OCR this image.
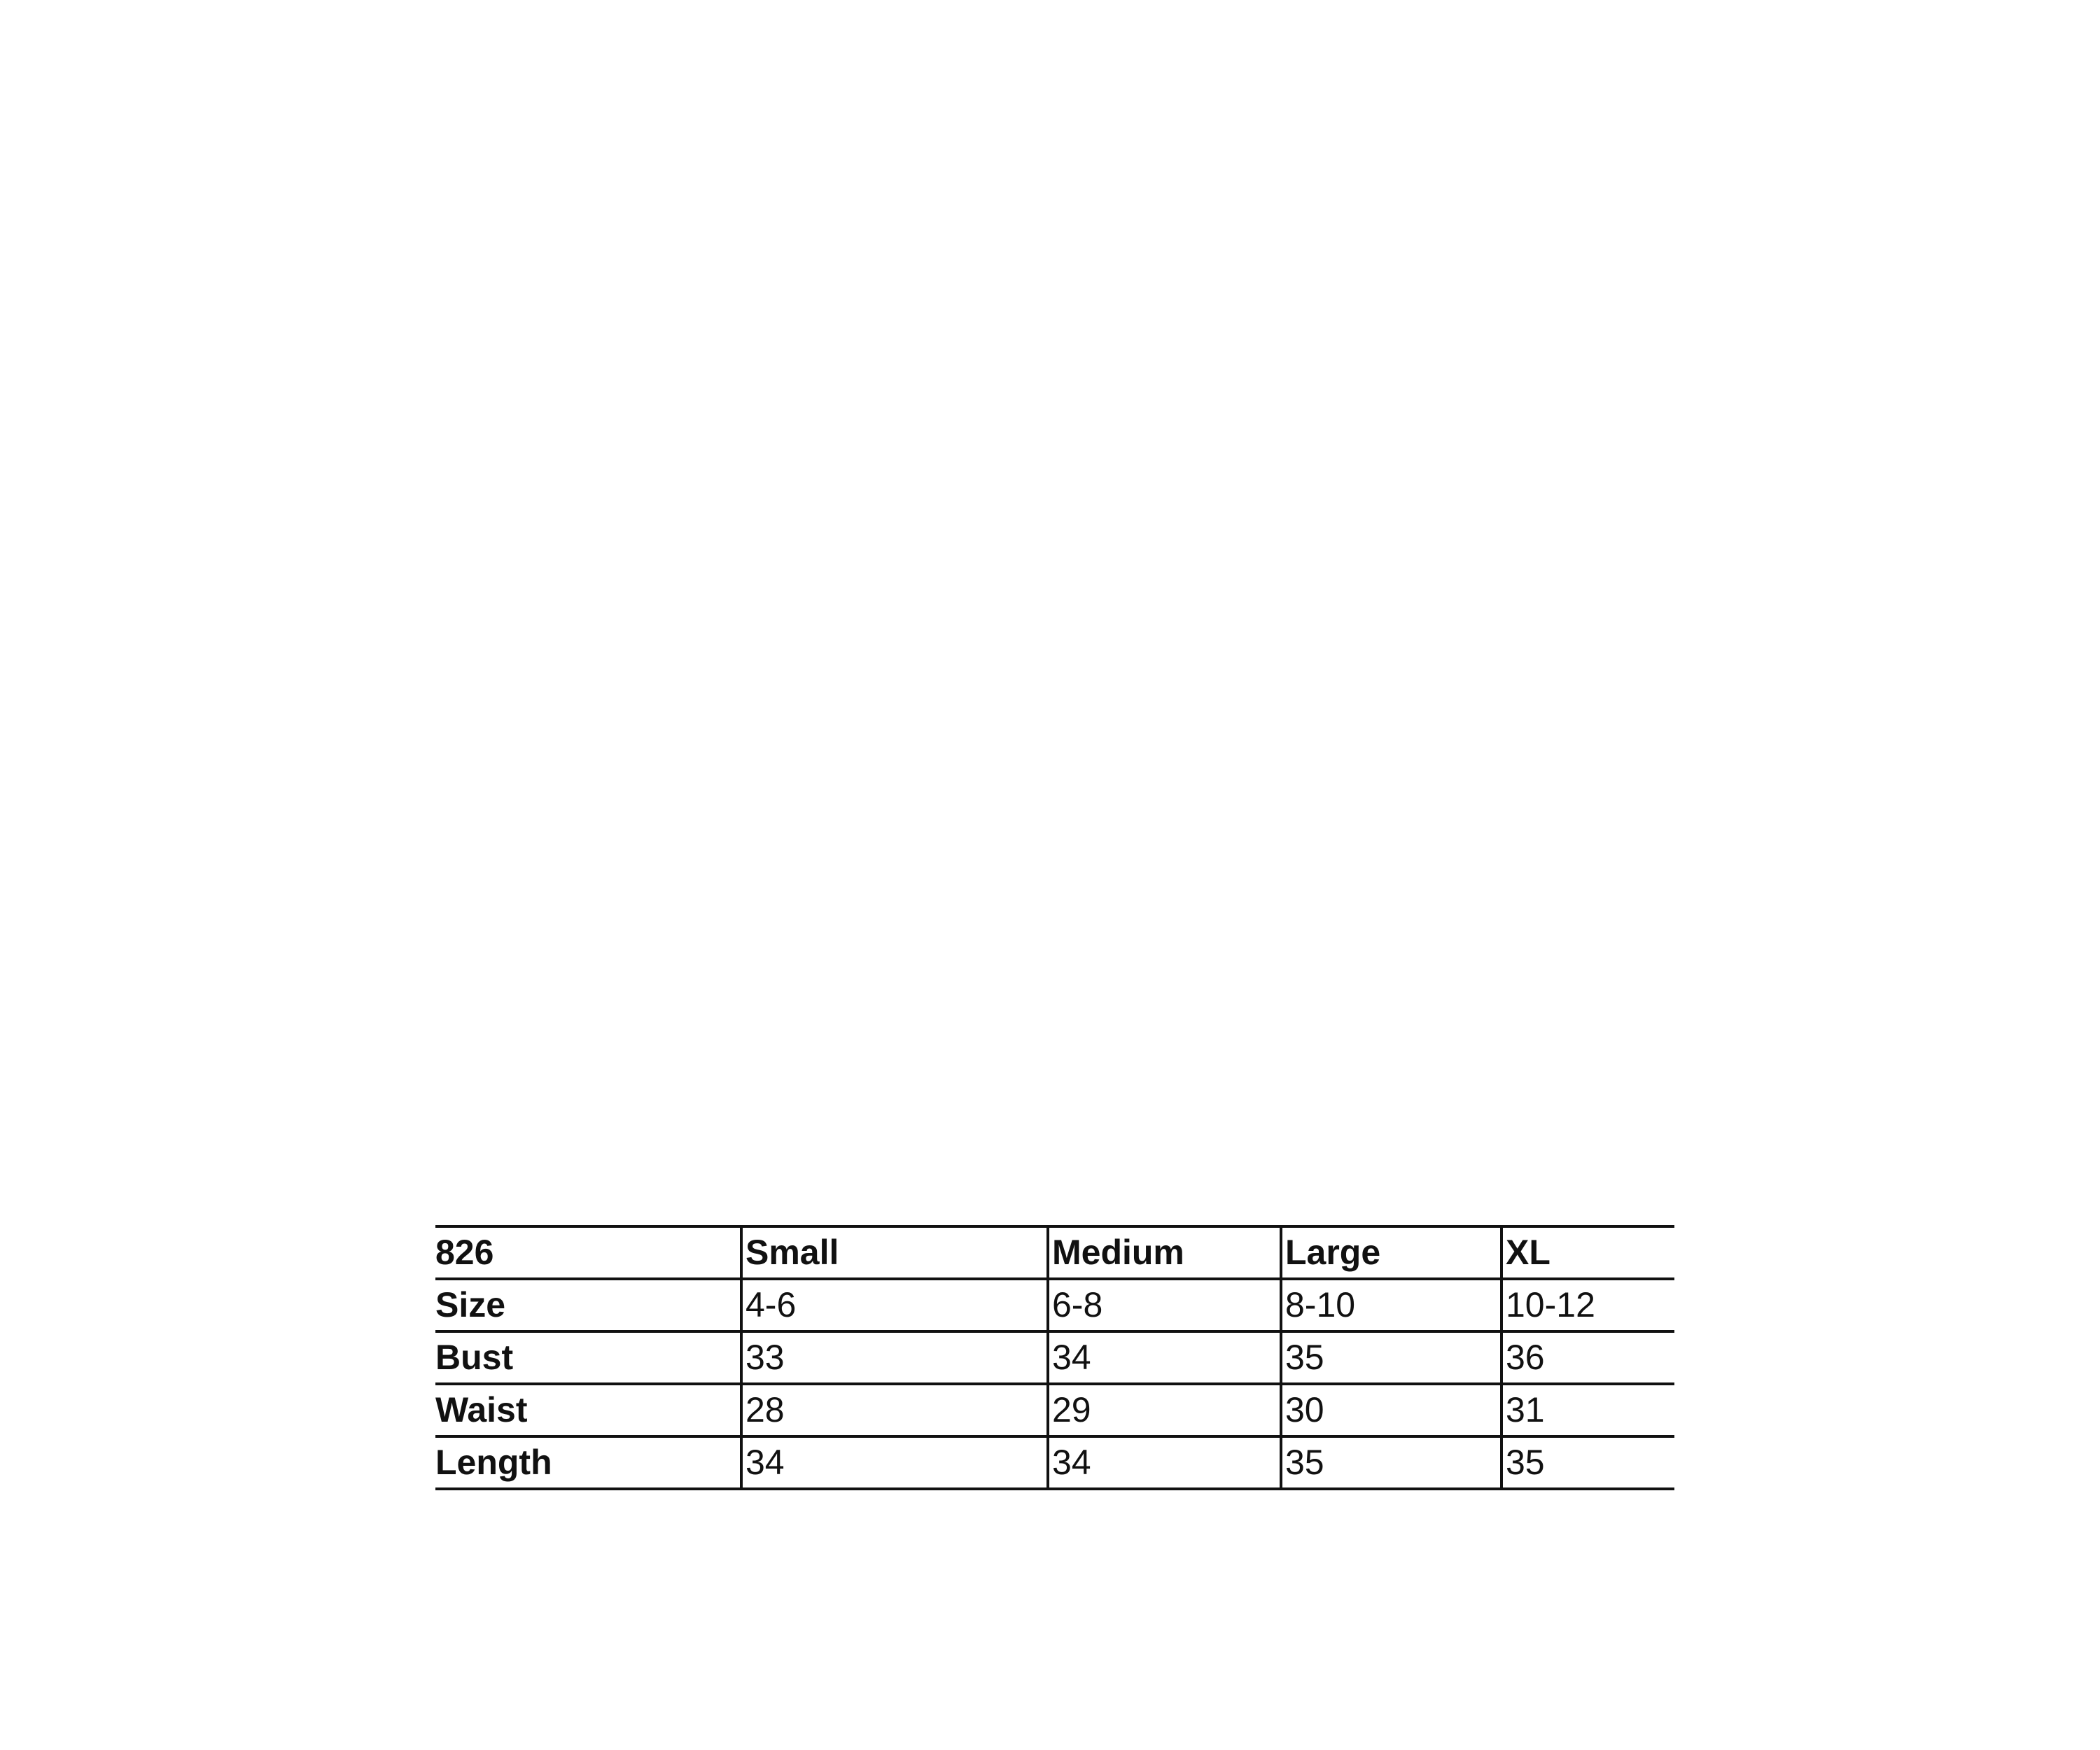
826	Small	Medium	Large	XL
Size	4-6	6-8	8-10	10-12
Bust	33	34	35	36
Waist	28	29	30	31
Length	34	34	35	35
